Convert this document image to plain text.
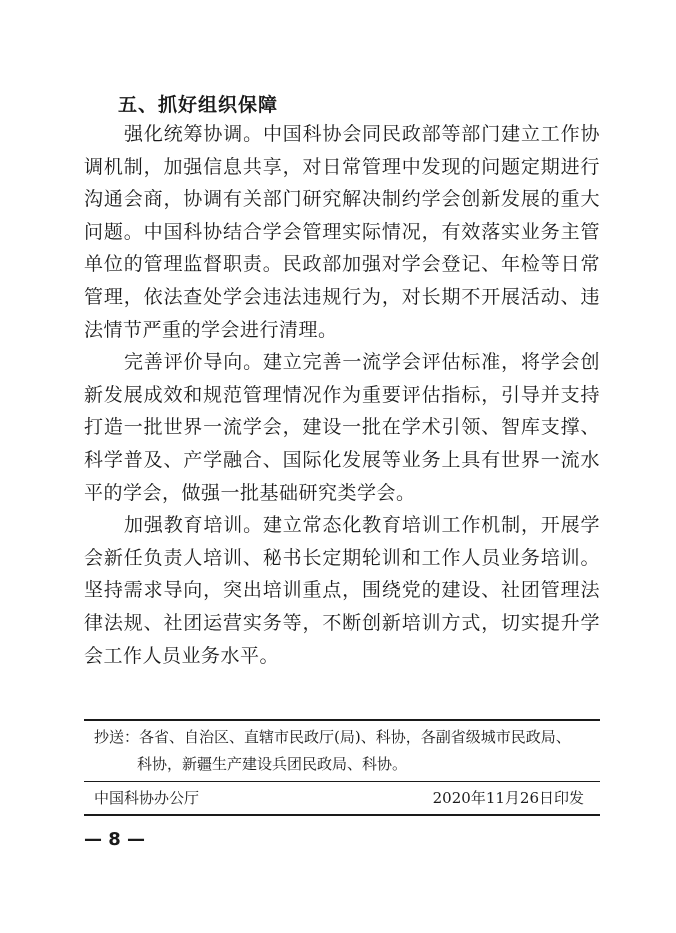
五、抓好组织保障

强化统筹协调。中国科协会同民政部等部门建立工作协调机制，加强信息共享，对日常管理中发现的问题定期进行沟通会商，协调有关部门研究解决制约学会创新发展的重大问题。中国科协结合学会管理实际情况，有效落实业务主管单位的管理监督职责。民政部加强对学会登记、年检等日常管理，依法查处学会违法违规行为，对长期不开展活动、违法情节严重的学会进行清理。

完善评价导向。建立完善一流学会评估标准，将学会创新发展成效和规范管理情况作为重要评估指标，引导并支持打造一批世界一流学会，建设一批在学术引领、智库支撑、科学普及、产学融合、国际化发展等业务上具有世界一流水平的学会，做强一批基础研究类学会。

加强教育培训。建立常态化教育培训工作机制，开展学会新任负责人培训、秘书长定期轮训和工作人员业务培训。坚持需求导向，突出培训重点，围绕党的建设、社团管理法律法规、社团运营实务等，不断创新培训方式，切实提升学会工作人员业务水平。

抄送：各省、自治区、直辖市民政厅(局)、科协，各副省级城市民政局、
科协，新疆生产建设兵团民政局、科协。
中国科协办公厅	2020年11月26日印发
— 8 —
